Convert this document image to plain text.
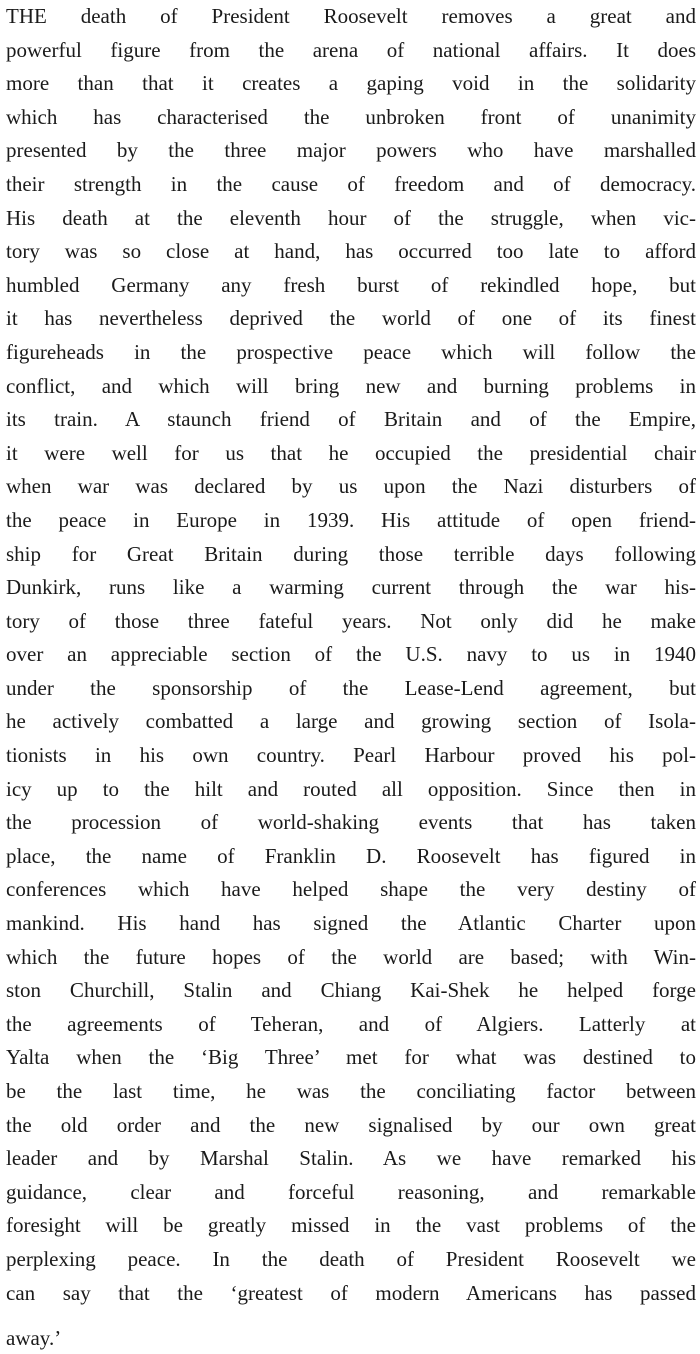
THE death of President Roosevelt removes a great and
powerful figure from the arena of national affairs. It does
more than that it creates a gaping void in the solidarity
which has characterised the unbroken front of unanimity
presented by the three major powers who have marshalled
their strength in the cause of freedom and of democracy.
His death at the eleventh hour of the struggle, when vic-
tory was so close at hand, has occurred too late to afford
humbled Germany any fresh burst of rekindled hope, but
it has nevertheless deprived the world of one of its finest
figureheads in the prospective peace which will follow the
conflict, and which will bring new and burning problems in
its train. A staunch friend of Britain and of the Empire,
it were well for us that he occupied the presidential chair
when war was declared by us upon the Nazi disturbers of
the peace in Europe in 1939. His attitude of open friend-
ship for Great Britain during those terrible days following
Dunkirk, runs like a warming current through the war his-
tory of those three fateful years. Not only did he make
over an appreciable section of the U.S. navy to us in 1940
under the sponsorship of the Lease-Lend agreement, but
he actively combatted a large and growing section of Isola-
tionists in his own country. Pearl Harbour proved his pol-
icy up to the hilt and routed all opposition. Since then in
the procession of world-shaking events that has taken
place, the name of Franklin D. Roosevelt has figured in
conferences which have helped shape the very destiny of
mankind. His hand has signed the Atlantic Charter upon
which the future hopes of the world are based; with Win-
ston Churchill, Stalin and Chiang Kai-Shek he helped forge
the agreements of Teheran, and of Algiers. Latterly at
Yalta when the ‘Big Three’ met for what was destined to
be the last time, he was the conciliating factor between
the old order and the new signalised by our own great
leader and by Marshal Stalin. As we have remarked his
guidance, clear and forceful reasoning, and remarkable
foresight will be greatly missed in the vast problems of the
perplexing peace. In the death of President Roosevelt we
can say that the ‘greatest of modern Americans has passed
away.’
